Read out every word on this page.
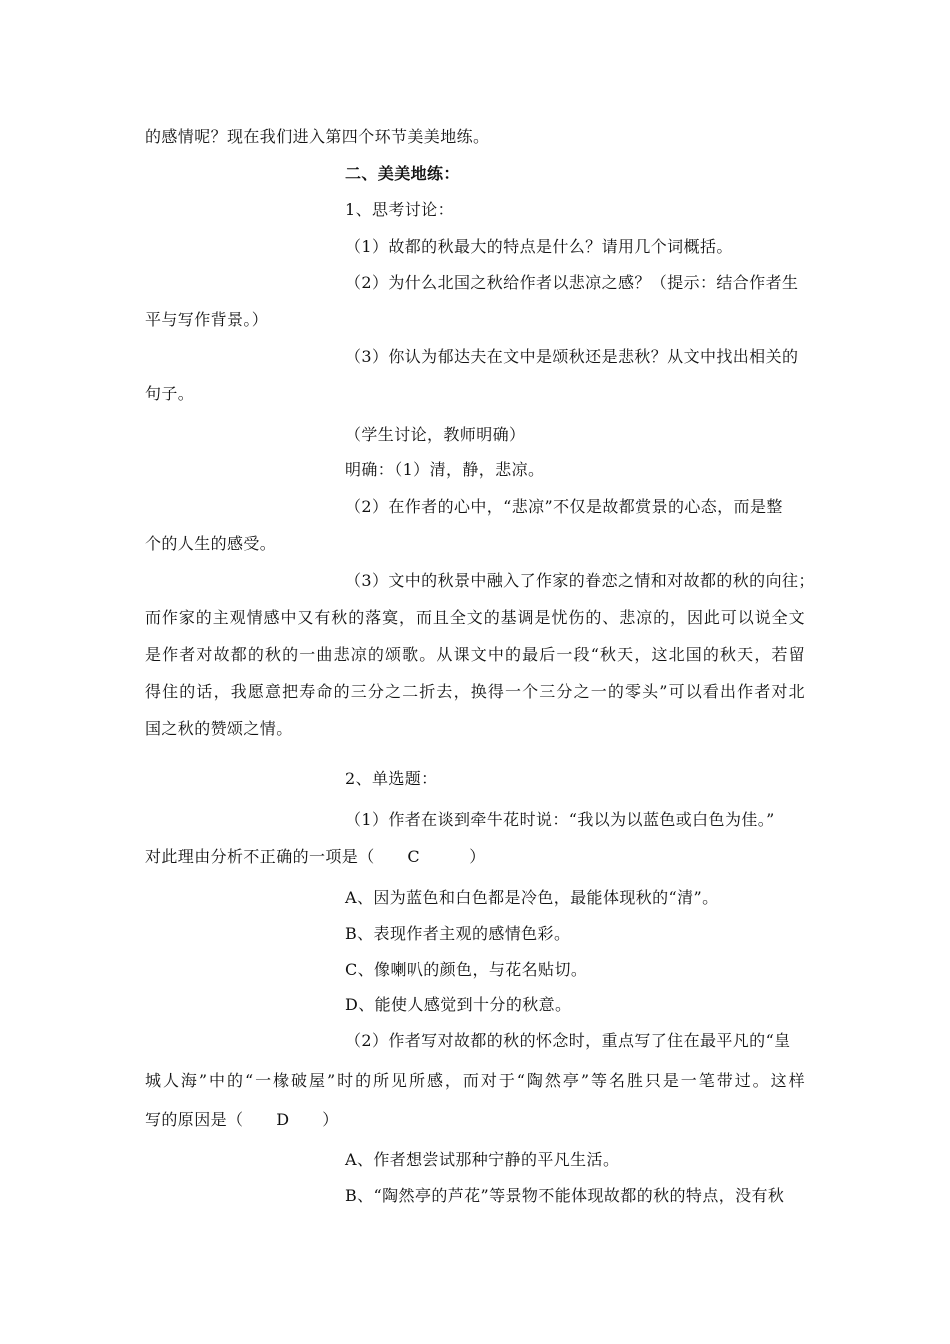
的感情呢？现在我们进入第四个环节美美地练。
二、美美地练：
1、思考讨论：
（1）故都的秋最大的特点是什么？请用几个词概括。
（2）为什么北国之秋给作者以悲凉之感？（提示：结合作者生
平与写作背景。）
（3）你认为郁达夫在文中是颂秋还是悲秋？从文中找出相关的
句子。
（学生讨论，教师明确）
明确：（1）清，静，悲凉。
（2）在作者的心中，“悲凉”不仅是故都赏景的心态，而是整
个的人生的感受。
（3）文中的秋景中融入了作家的眷恋之情和对故都的秋的向往；
而作家的主观情感中又有秋的落寞，而且全文的基调是忧伤的、悲凉的，因此可以说全文
是作者对故都的秋的一曲悲凉的颂歌。从课文中的最后一段“秋天，这北国的秋天，若留
得住的话，我愿意把寿命的三分之二折去，换得一个三分之一的零头”可以看出作者对北
国之秋的赞颂之情。
2、单选题：
（1）作者在谈到牵牛花时说：“我以为以蓝色或白色为佳。”
对此理由分析不正确的一项是（　　C　　　）
A、因为蓝色和白色都是冷色，最能体现秋的“清”。
B、表现作者主观的感情色彩。
C、像喇叭的颜色，与花名贴切。
D、能使人感觉到十分的秋意。
（2）作者写对故都的秋的怀念时，重点写了住在最平凡的“皇
城人海”中的“一椽破屋”时的所见所感，而对于“陶然亭”等名胜只是一笔带过。这样
写的原因是（　　D　　）
A、作者想尝试那种宁静的平凡生活。
B、“陶然亭的芦花”等景物不能体现故都的秋的特点，没有秋
